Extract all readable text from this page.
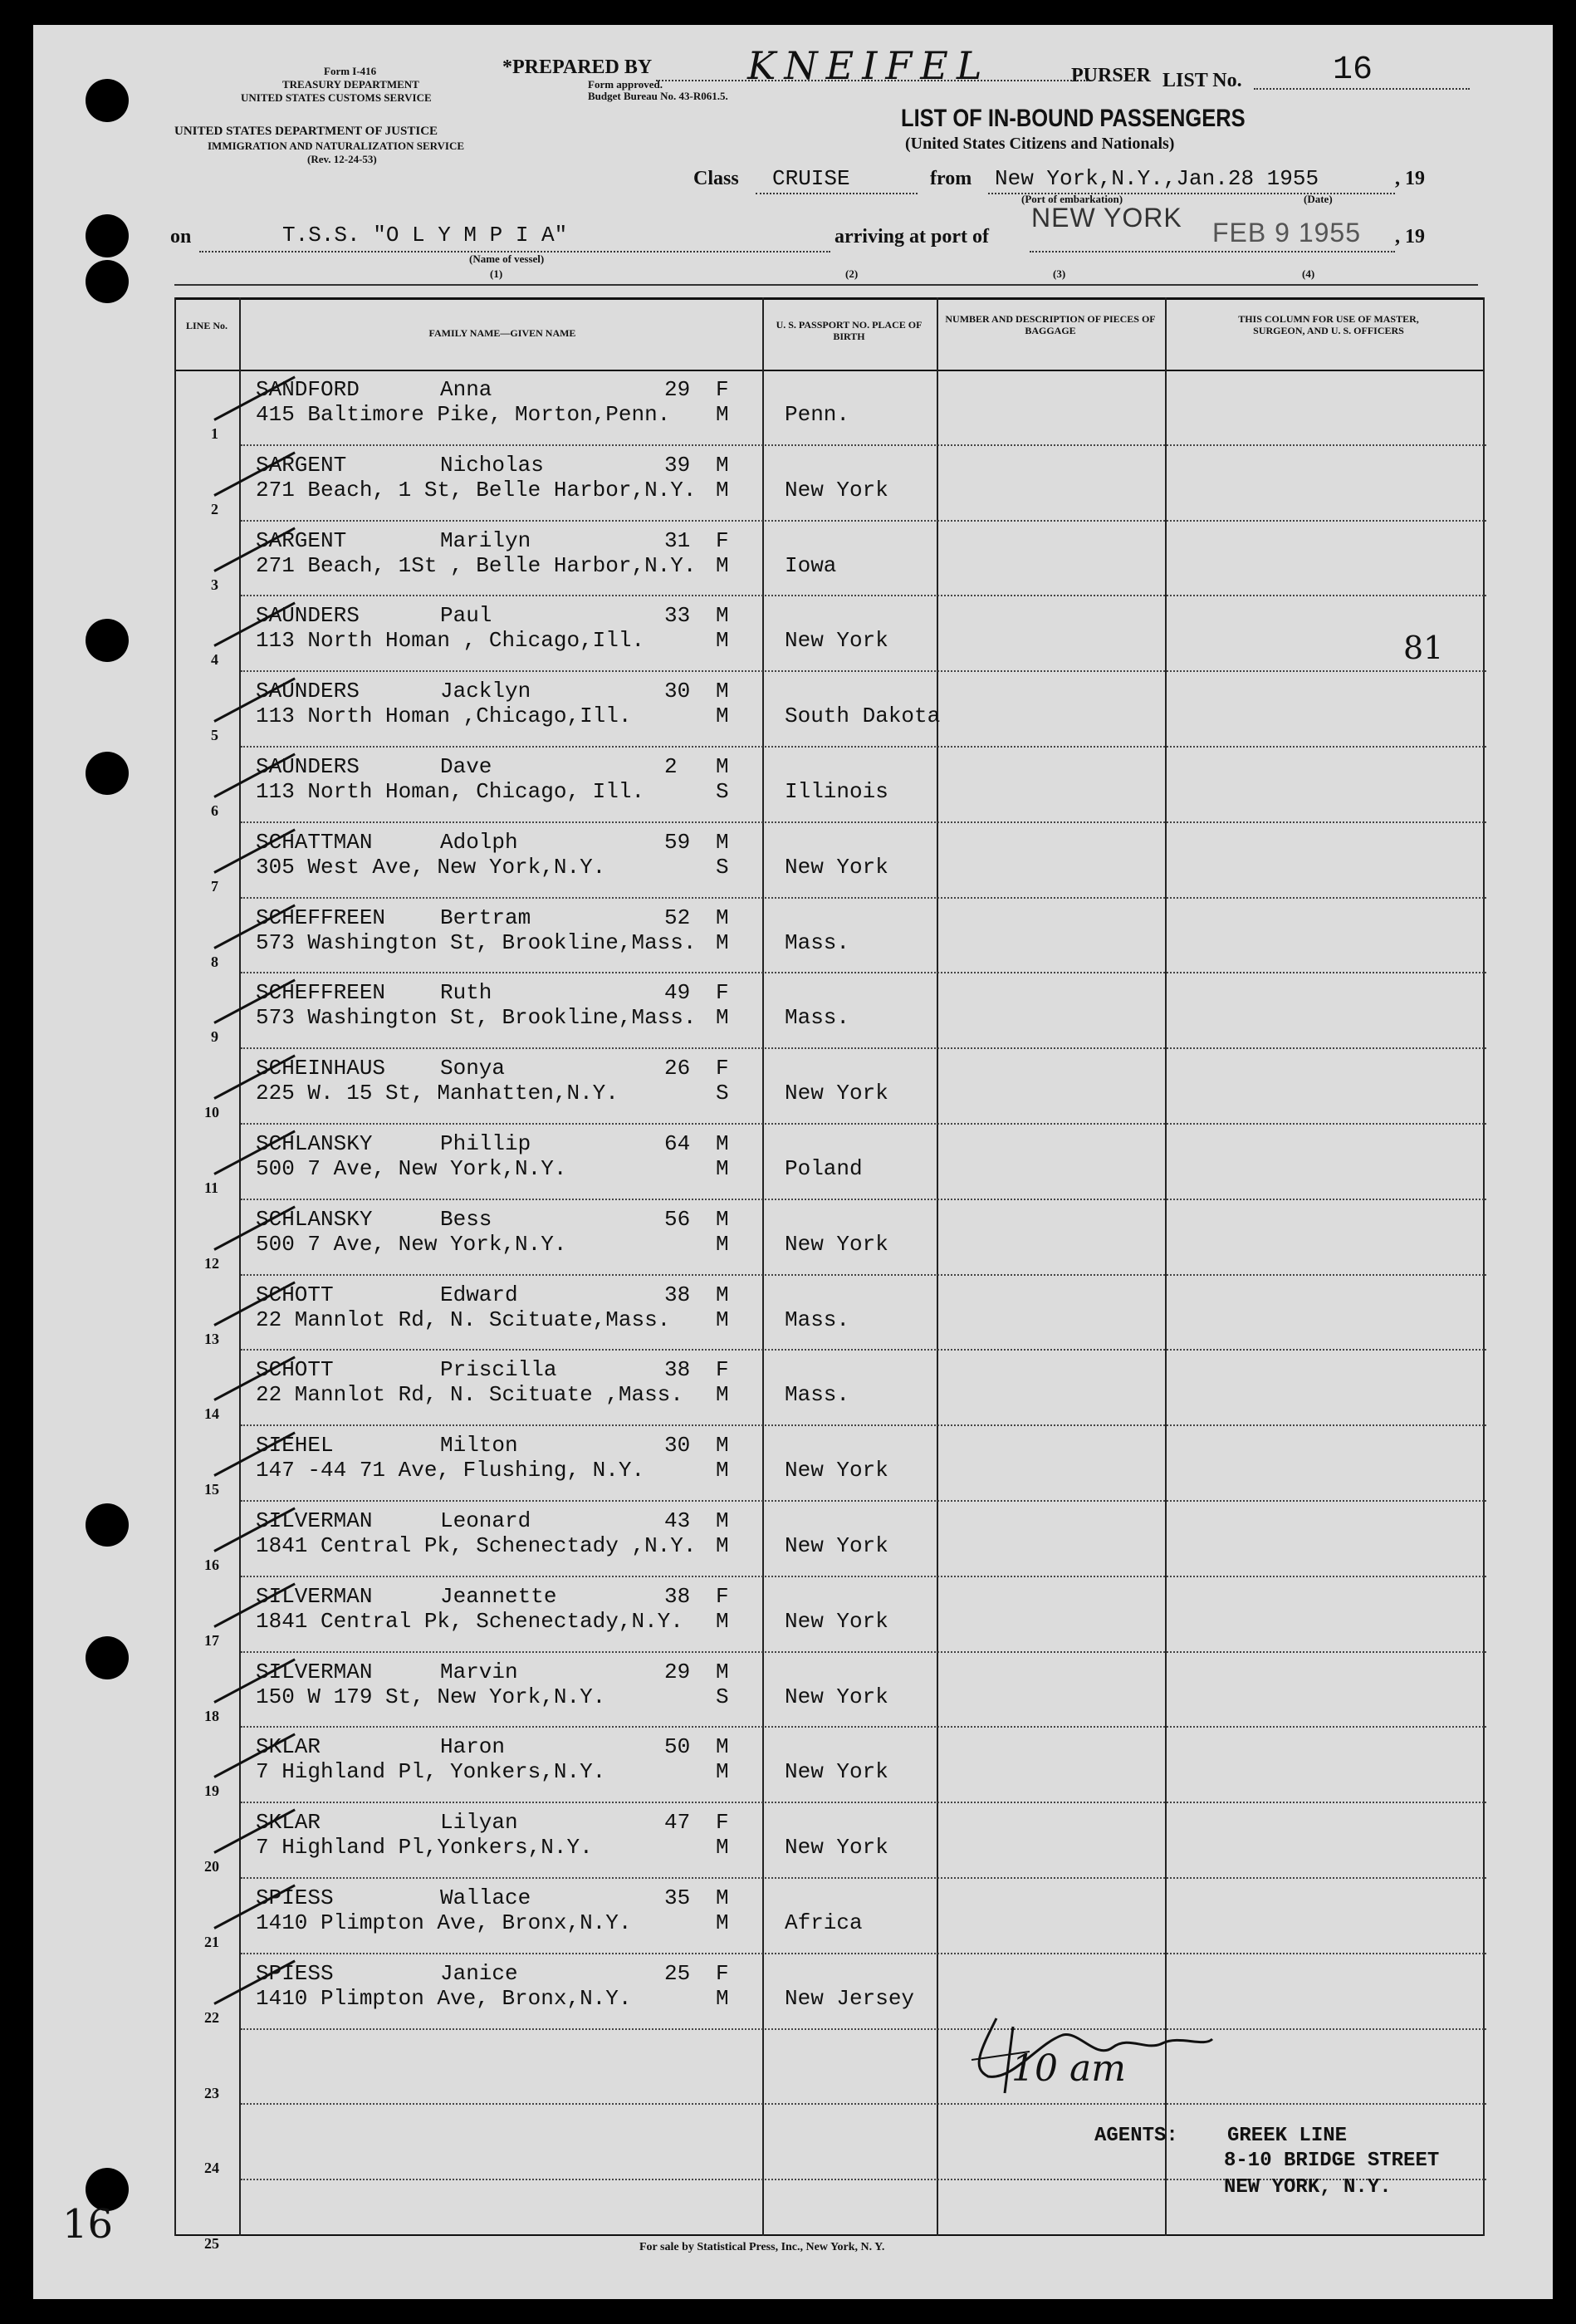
Form I-416
TREASURY DEPARTMENT
UNITED STATES CUSTOMS SERVICE
UNITED STATES DEPARTMENT OF JUSTICE
IMMIGRATION AND NATURALIZATION SERVICE
(Rev. 12-24-53)
*PREPARED BY
Form approved.
Budget Bureau No. 43-R061.5.
KNEIFEL	PURSER LIST No.	16
LIST OF IN-BOUND PASSENGERS
(United States Citizens and Nationals)
Class CRUISE	from New York,N.Y.,Jan.28 1955
(Port of embarkation)	(Date)
, 19
on	T.S.S. "O L Y M P I A"
(Name of vessel)
arriving at port of
NEW YORK FEB 9 1955 , 19
(1)	(2)	(3)	(4)
LINE No.
FAMILY NAME—GIVEN NAME
U. S. PASSPORT NO. PLACE OF BIRTH
NUMBER AND DESCRIPTION OF PIECES OF BAGGAGE
THIS COLUMN FOR USE OF MASTER, SURGEON, AND U. S. OFFICERS
SANDFORD	Anna	29 F
415 Baltimore Pike, Morton,Penn. M	Penn.
1
SARGENT	Nicholas	39 M
271 Beach, 1 St, Belle Harbor,N.Y. M	New York
2
SARGENT	Marilyn	31 F
271 Beach, 1St , Belle Harbor,N.Y. M	Iowa
3
SAUNDERS	Paul	33 M
113 North Homan , Chicago,Ill.	M	New York
4
SAUNDERS	Jacklyn	30 M
113 North Homan ,Chicago,Ill.	M	South Dakota
5
SAUNDERS	Dave	2 M
113 North Homan, Chicago, Ill.	S	Illinois
6
SCHATTMAN	Adolph	59 M
305 West Ave, New York,N.Y.	S	New York
7
SCHEFFREEN	Bertram	52 M
573 Washington St, Brookline,Mass. M	Mass.
8
SCHEFFREEN	Ruth	49 F
573 Washington St, Brookline,Mass. M	Mass.
9
SCHEINHAUS	Sonya	26 F
225 W. 15 St, Manhatten,N.Y.	S	New York
10
SCHLANSKY	Phillip	64 M
500 7 Ave, New York,N.Y.	M	Poland
11
SCHLANSKY	Bess	56 M
500 7 Ave, New York,N.Y.	M	New York
12
SCHOTT	Edward	38 M
22 Mannlot Rd, N. Scituate,Mass. M	Mass.
13
SCHOTT	Priscilla	38 F
22 Mannlot Rd, N. Scituate ,Mass. M	Mass.
14
SIEHEL	Milton	30 M
147 -44 71 Ave, Flushing, N.Y.	M	New York
15
SILVERMAN	Leonard	43 M
1841 Central Pk, Schenectady ,N.Y. M	New York
16
SILVERMAN	Jeannette	38 F
1841 Central Pk, Schenectady,N.Y. M	New York
17
SILVERMAN	Marvin	29 M
150 W 179 St, New York,N.Y.	S	New York
18
SKLAR	Haron	50 M
7 Highland Pl, Yonkers,N.Y.	M	New York
19
SKLAR	Lilyan	47 F
7 Highland Pl,Yonkers,N.Y.	M	New York
20
SPIESS	Wallace	35 M
1410 Plimpton Ave, Bronx,N.Y.	M	Africa
21
SPIESS	Janice	25 F
1410 Plimpton Ave, Bronx,N.Y.	M	New Jersey
22
23
24
25
81
10 am
AGENTS: GREEK LINE
8-10 BRIDGE STREET
NEW YORK, N.Y.
16	For sale by Statistical Press, Inc., New York, N. Y.
